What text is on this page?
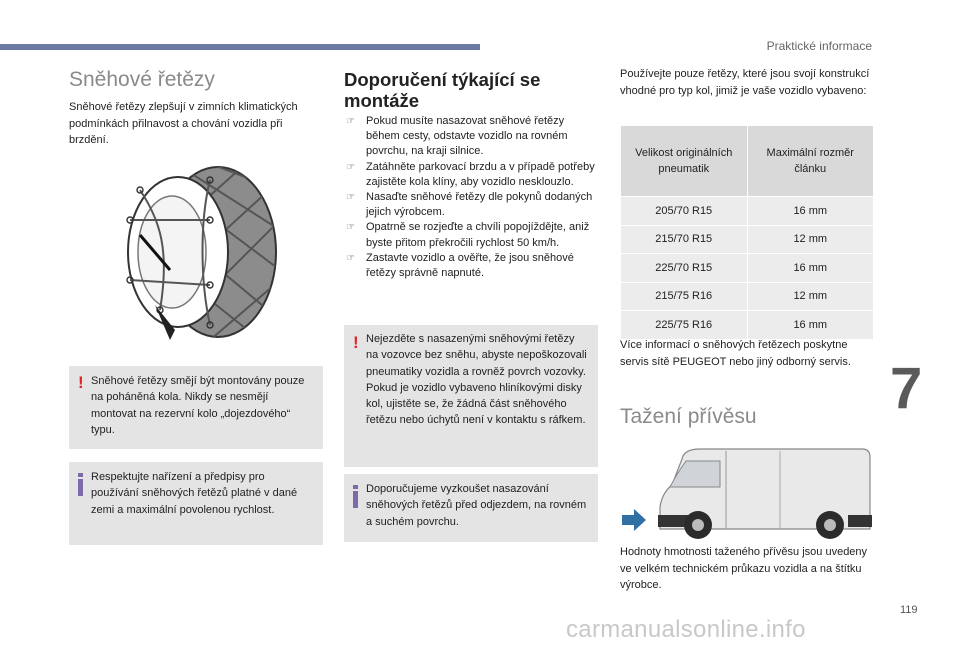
Praktické informace
Sněhové řetězy

Sněhové řetězy zlepšují v zimních klimatických podmínkách přilnavost a chování vozidla při brzdění.

! Sněhové řetězy smějí být montovány pouze na poháněná kola. Nikdy se nesmějí montovat na rezervní kolo „dojezdového“ typu.
Respektujte nařízení a předpisy pro používání sněhových řetězů platné v dané zemi a maximální povolenou rychlost.
Doporučení týkající se
montáže
☞ Pokud musíte nasazovat sněhové řetězy během cesty, odstavte vozidlo na rovném povrchu, na kraji silnice.
☞ Zatáhněte parkovací brzdu a v případě potřeby zajistěte kola klíny, aby vozidlo nesklouzlo.
☞ Nasaďte sněhové řetězy dle pokynů dodaných jejich výrobcem.
☞ Opatrně se rozjeďte a chvíli popojíždějte, aniž byste přitom překročili rychlost 50 km/h.
☞ Zastavte vozidlo a ověřte, že jsou sněhové řetězy správně napnuté.
! Nejezděte s nasazenými sněhovými řetězy na vozovce bez sněhu, abyste nepoškozovali pneumatiky vozidla a rovněž povrch vozovky. Pokud je vozidlo vybaveno hliníkovými disky kol, ujistěte se, že žádná část sněhového řetězu nebo úchytů není v kontaktu s ráfkem.
Doporučujeme vyzkoušet nasazování sněhových řetězů před odjezdem, na rovném a suchém povrchu.

Používejte pouze řetězy, které jsou svojí konstrukcí vhodné pro typ kol, jimiž je vaše vozidlo vybaveno:

Velikost originálních pneumatik	Maximální rozměr článku
205/70 R15	16 mm
215/70 R15	12 mm
225/70 R15	16 mm
215/75 R16	12 mm
225/75 R16	16 mm

Více informací o sněhových řetězech poskytne servis sítě PEUGEOT nebo jiný odborný servis.

Tažení přívěsu

Hodnoty hmotnosti taženého přívěsu jsou uvedeny ve velkém technickém průkazu vozidla a na štítku výrobce.

7
119
carmanualsonline.info
